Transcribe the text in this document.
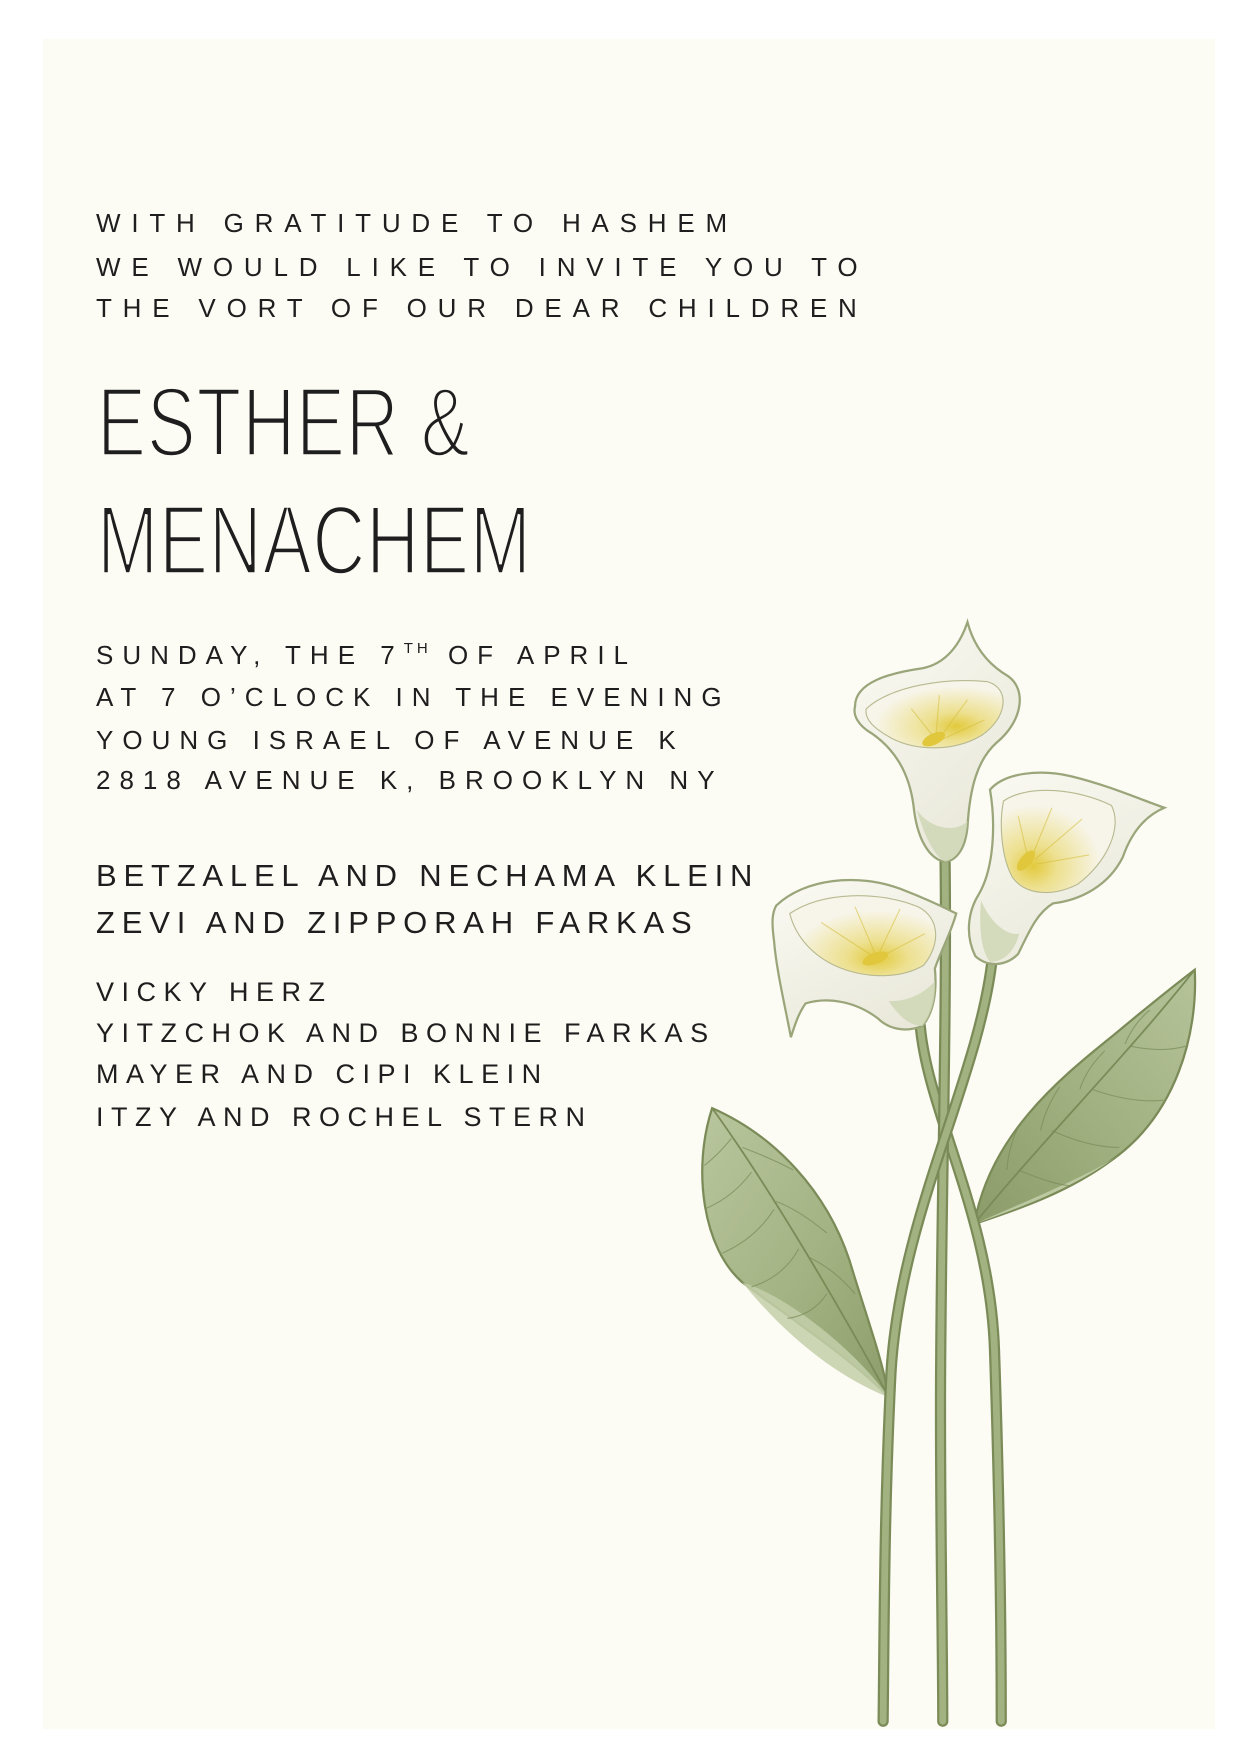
WITH GRATITUDE TO HASHEM
WE WOULD LIKE TO INVITE YOU TO
THE VORT OF OUR DEAR CHILDREN
ESTHER &
MENACHEM
SUNDAY, THE 7TH OF APRIL
AT 7 O’CLOCK IN THE EVENING
YOUNG ISRAEL OF AVENUE K
2818 AVENUE K, BROOKLYN NY
BETZALEL AND NECHAMA KLEIN
ZEVI AND ZIPPORAH FARKAS
VICKY HERZ
YITZCHOK AND BONNIE FARKAS
MAYER AND CIPI KLEIN
ITZY AND ROCHEL STERN
